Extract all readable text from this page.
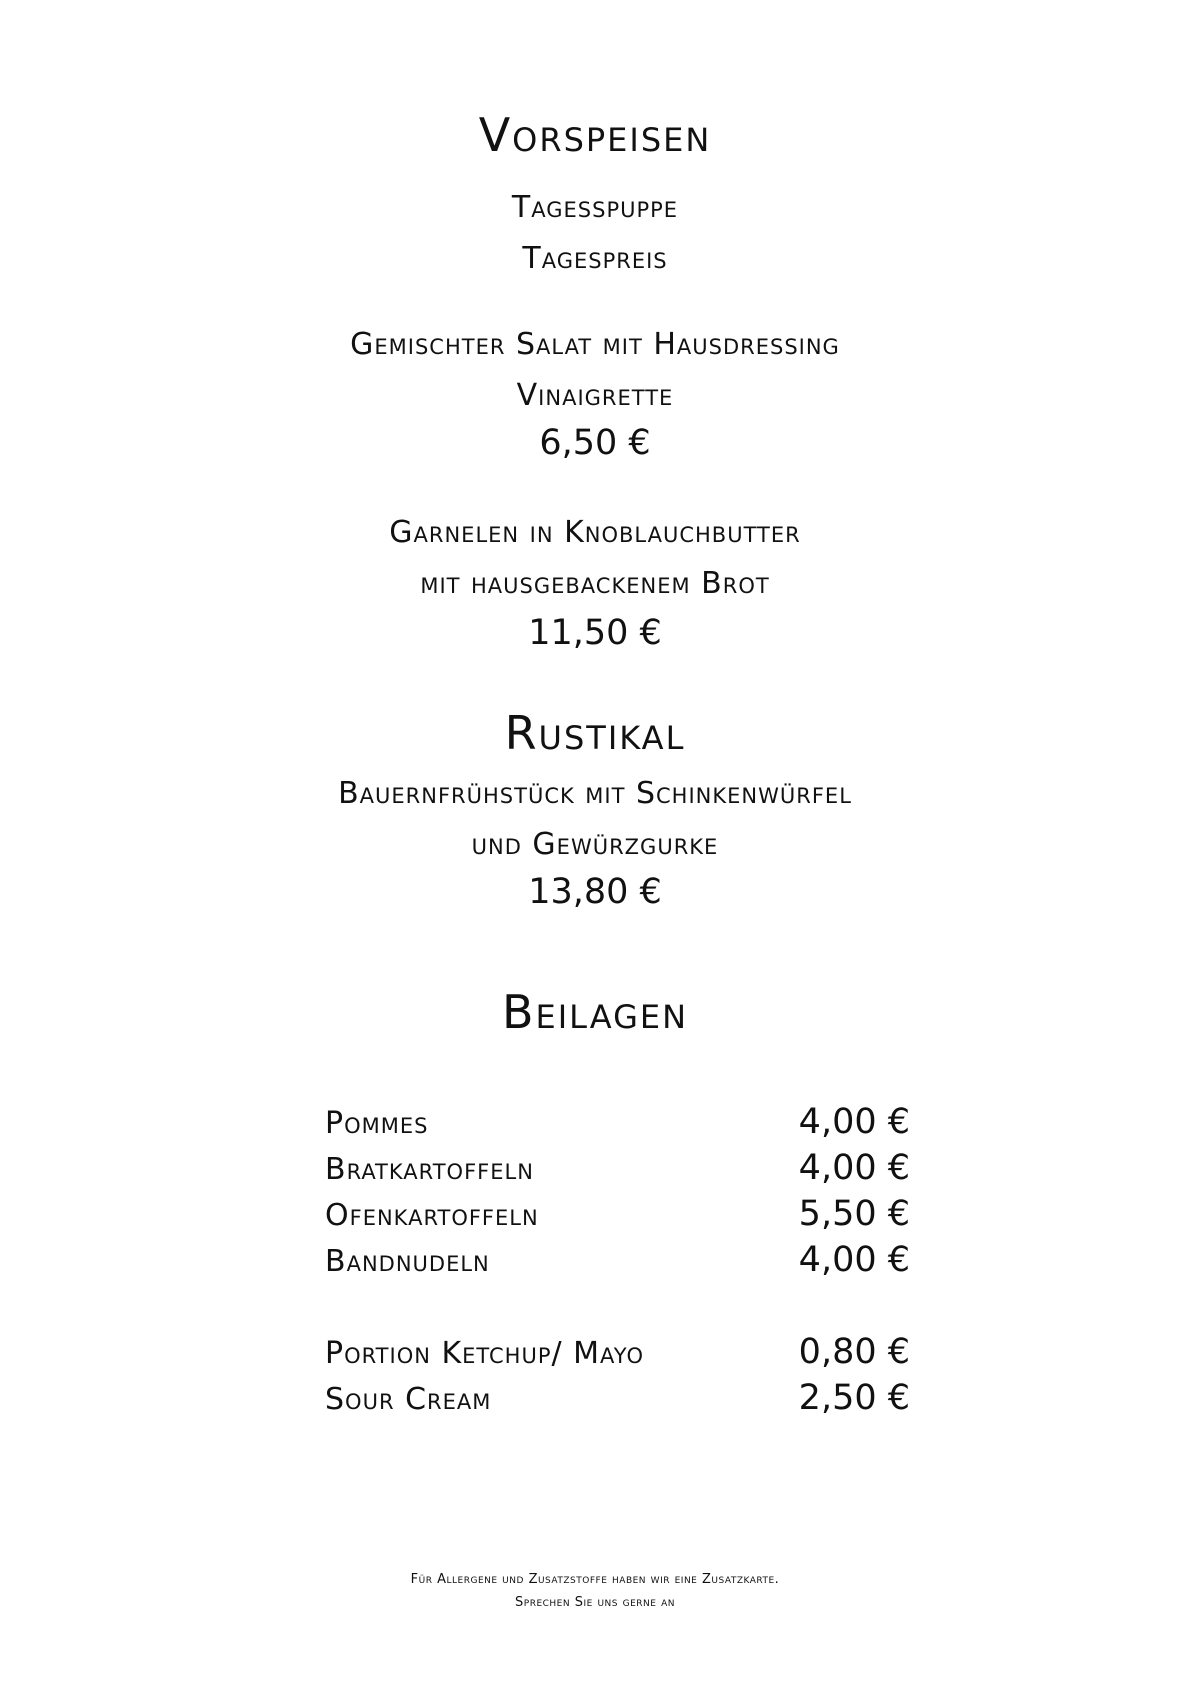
Vorspeisen
Tagesspuppe
Tagespreis
Gemischter Salat mit Hausdressing
Vinaigrette
6,50 €
Garnelen in Knoblauchbutter
mit hausgebackenem Brot
11,50 €
Rustikal
Bauernfrühstück mit Schinkenwürfel
und Gewürzgurke
13,80 €
Beilagen
Pommes	4,00 €
Bratkartoffeln	4,00 €
Ofenkartoffeln	5,50 €
Bandnudeln	4,00 €
Portion Ketchup/ Mayo	0,80 €
Sour Cream	2,50 €
Für Allergene und Zusatzstoffe haben wir eine Zusatzkarte.
Sprechen Sie uns gerne an
